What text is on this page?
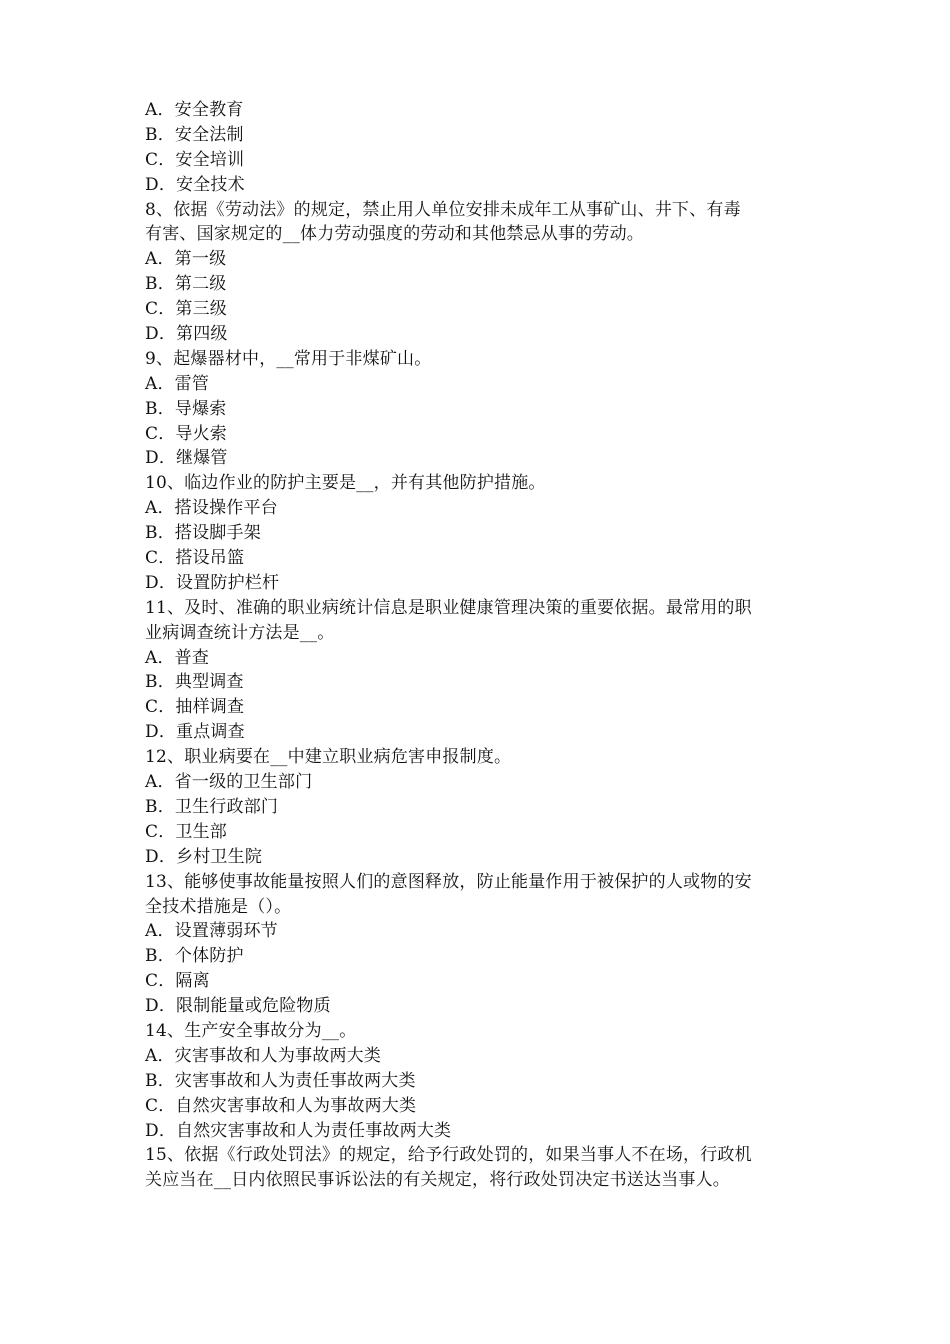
A．安全教育
B．安全法制
C．安全培训
D．安全技术
8、依据《劳动法》的规定，禁止用人单位安排未成年工从事矿山、井下、有毒
有害、国家规定的__体力劳动强度的劳动和其他禁忌从事的劳动。
A．第一级
B．第二级
C．第三级
D．第四级
9、起爆器材中，__常用于非煤矿山。
A．雷管
B．导爆索
C．导火索
D．继爆管
10、临边作业的防护主要是__，并有其他防护措施。
A．搭设操作平台
B．搭设脚手架
C．搭设吊篮
D．设置防护栏杆
11、及时、准确的职业病统计信息是职业健康管理决策的重要依据。最常用的职
业病调查统计方法是__。
A．普查
B．典型调查
C．抽样调查
D．重点调查
12、职业病要在__中建立职业病危害申报制度。
A．省一级的卫生部门
B．卫生行政部门
C．卫生部
D．乡村卫生院
13、能够使事故能量按照人们的意图释放，防止能量作用于被保护的人或物的安
全技术措施是（）。
A．设置薄弱环节
B．个体防护
C．隔离
D．限制能量或危险物质
14、生产安全事故分为__。
A．灾害事故和人为事故两大类
B．灾害事故和人为责任事故两大类
C．自然灾害事故和人为事故两大类
D．自然灾害事故和人为责任事故两大类
15、依据《行政处罚法》的规定，给予行政处罚的，如果当事人不在场，行政机
关应当在__日内依照民事诉讼法的有关规定，将行政处罚决定书送达当事人。
